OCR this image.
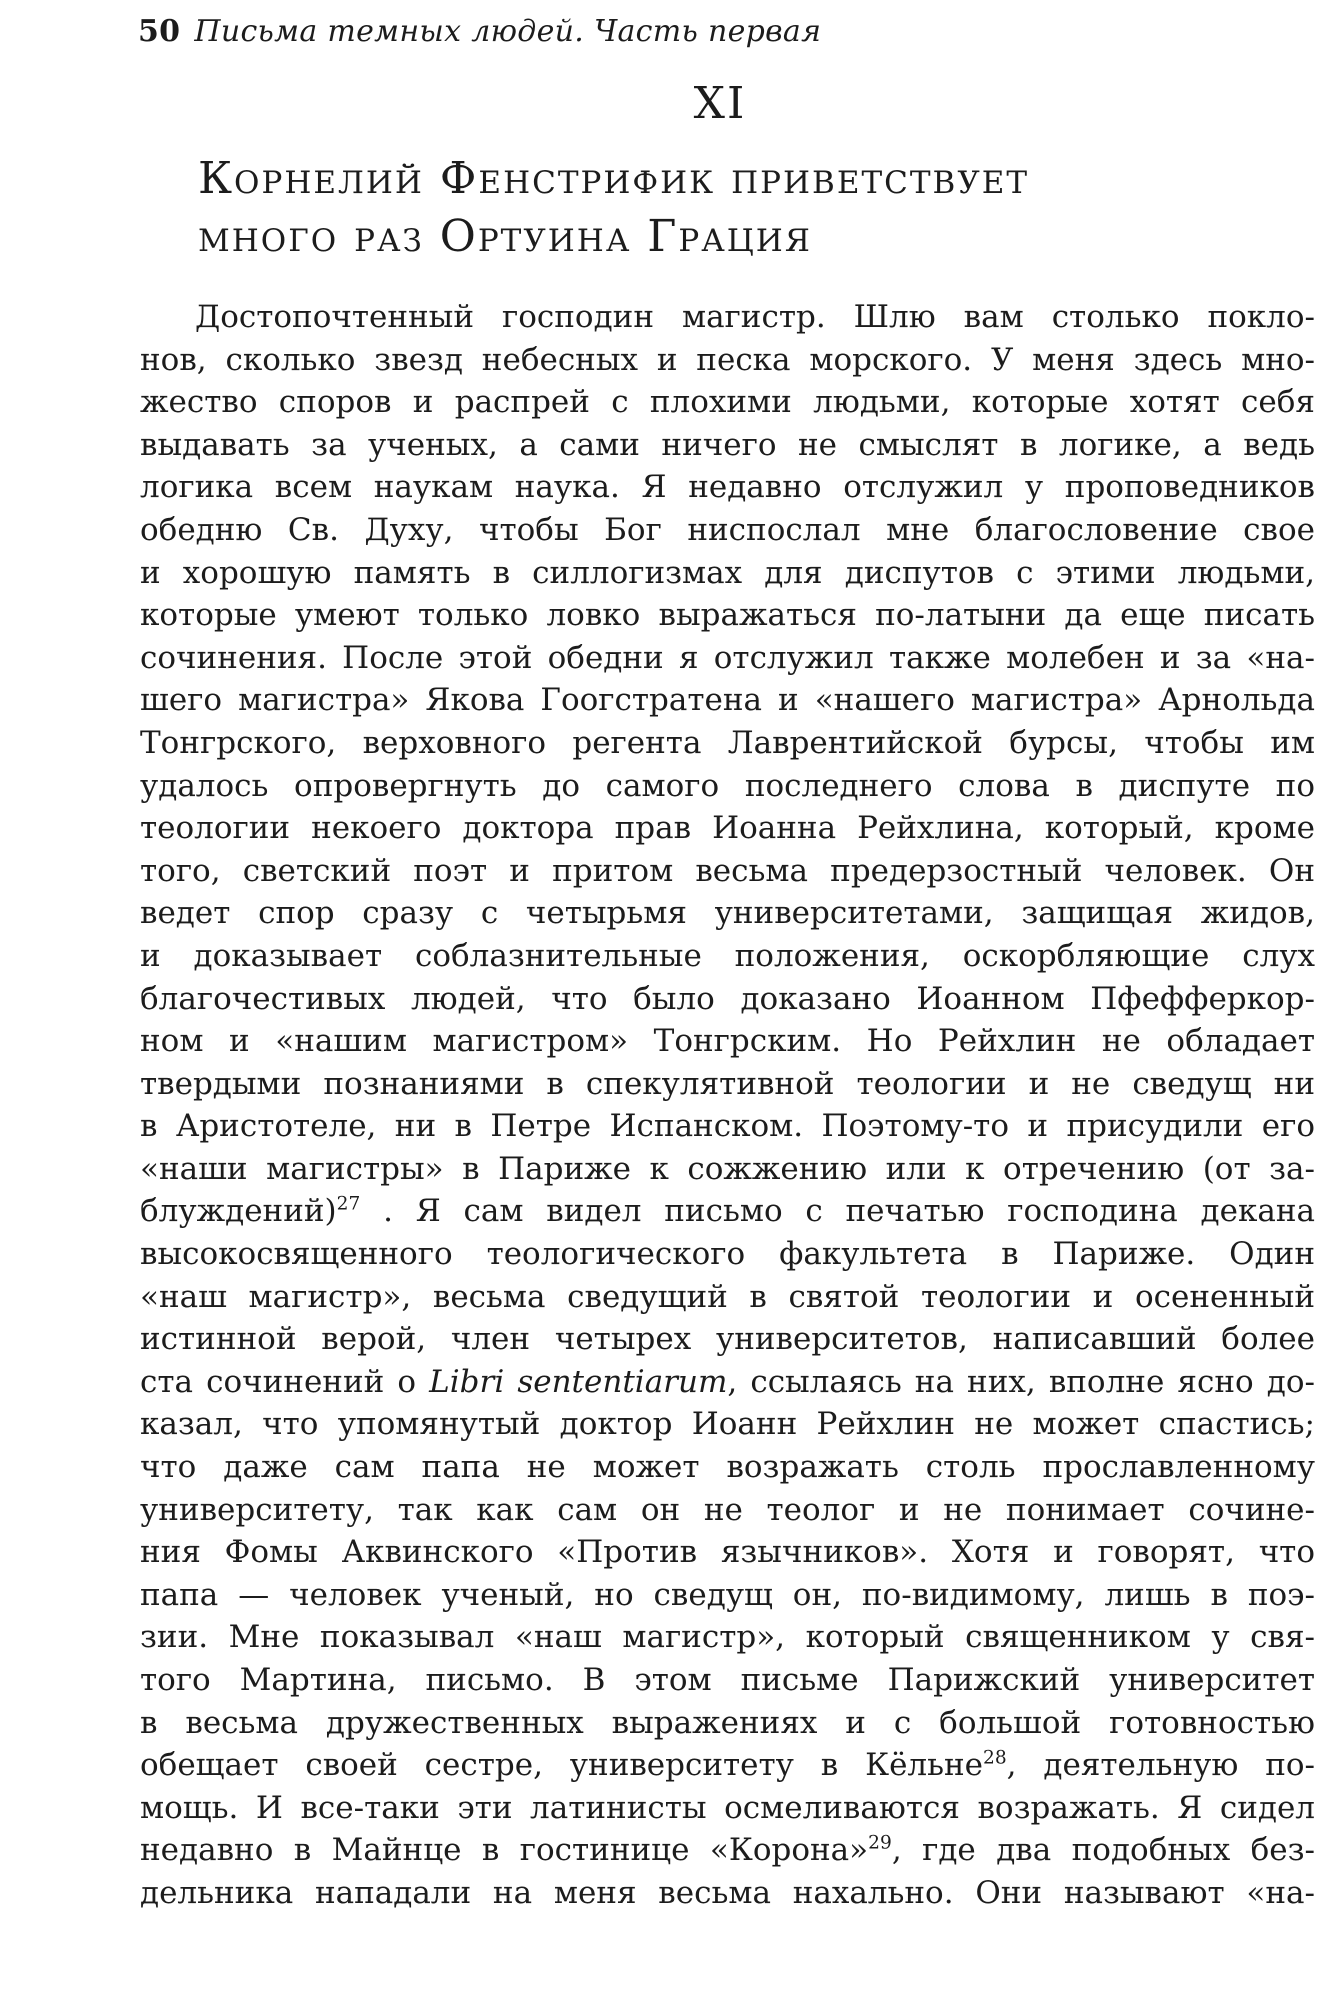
50 Письма темных людей. Часть первая
XI
Корнелий Фенстрифик приветствует
много раз Ортуина Грация
Достопочтенный господин магистр. Шлю вам столько покло-
нов, сколько звезд небесных и песка морского. У меня здесь мно-
жество споров и распрей с плохими людьми, которые хотят себя
выдавать за ученых, а сами ничего не смыслят в логике, а ведь
логика всем наукам наука. Я недавно отслужил у проповедников
обедню Св. Духу, чтобы Бог ниспослал мне благословение свое
и хорошую память в силлогизмах для диспутов с этими людьми,
которые умеют только ловко выражаться по-латыни да еще писать
сочинения. После этой обедни я отслужил также молебен и за «на-
шего магистра» Якова Гоогстратена и «нашего магистра» Арнольда
Тонгрского, верховного регента Лаврентийской бурсы, чтобы им
удалось опровергнуть до самого последнего слова в диспуте по
теологии некоего доктора прав Иоанна Рейхлина, который, кроме
того, светский поэт и притом весьма предерзостный человек. Он
ведет спор сразу с четырьмя университетами, защищая жидов,
и доказывает соблазнительные положения, оскорбляющие слух
благочестивых людей, что было доказано Иоанном Пфефферкор-
ном и «нашим магистром» Тонгрским. Но Рейхлин не обладает
твердыми познаниями в спекулятивной теологии и не сведущ ни
в Аристотеле, ни в Петре Испанском. Поэтому-то и присудили его
«наши магистры» в Париже к сожжению или к отречению (от за-
блуждений)$^{27}$ . Я сам видел письмо с печатью господина декана
высокосвященного теологического факультета в Париже. Один
«наш магистр», весьма сведущий в святой теологии и осененный
истинной верой, член четырех университетов, написавший более
ста сочинений о Libri sententiarum, ссылаясь на них, вполне ясно до-
казал, что упомянутый доктор Иоанн Рейхлин не может спастись;
что даже сам папа не может возражать столь прославленному
университету, так как сам он не теолог и не понимает сочине-
ния Фомы Аквинского «Против язычников». Хотя и говорят, что
папа — человек ученый, но сведущ он, по-видимому, лишь в поэ-
зии. Мне показывал «наш магистр», который священником у свя-
того Мартина, письмо. В этом письме Парижский университет
в весьма дружественных выражениях и с большой готовностью
обещает своей сестре, университету в Кёльне$^{28}$, деятельную по-
мощь. И все-таки эти латинисты осмеливаются возражать. Я сидел
недавно в Майнце в гостинице «Корона»$^{29}$, где два подобных без-
дельника нападали на меня весьма нахально. Они называют «на-
